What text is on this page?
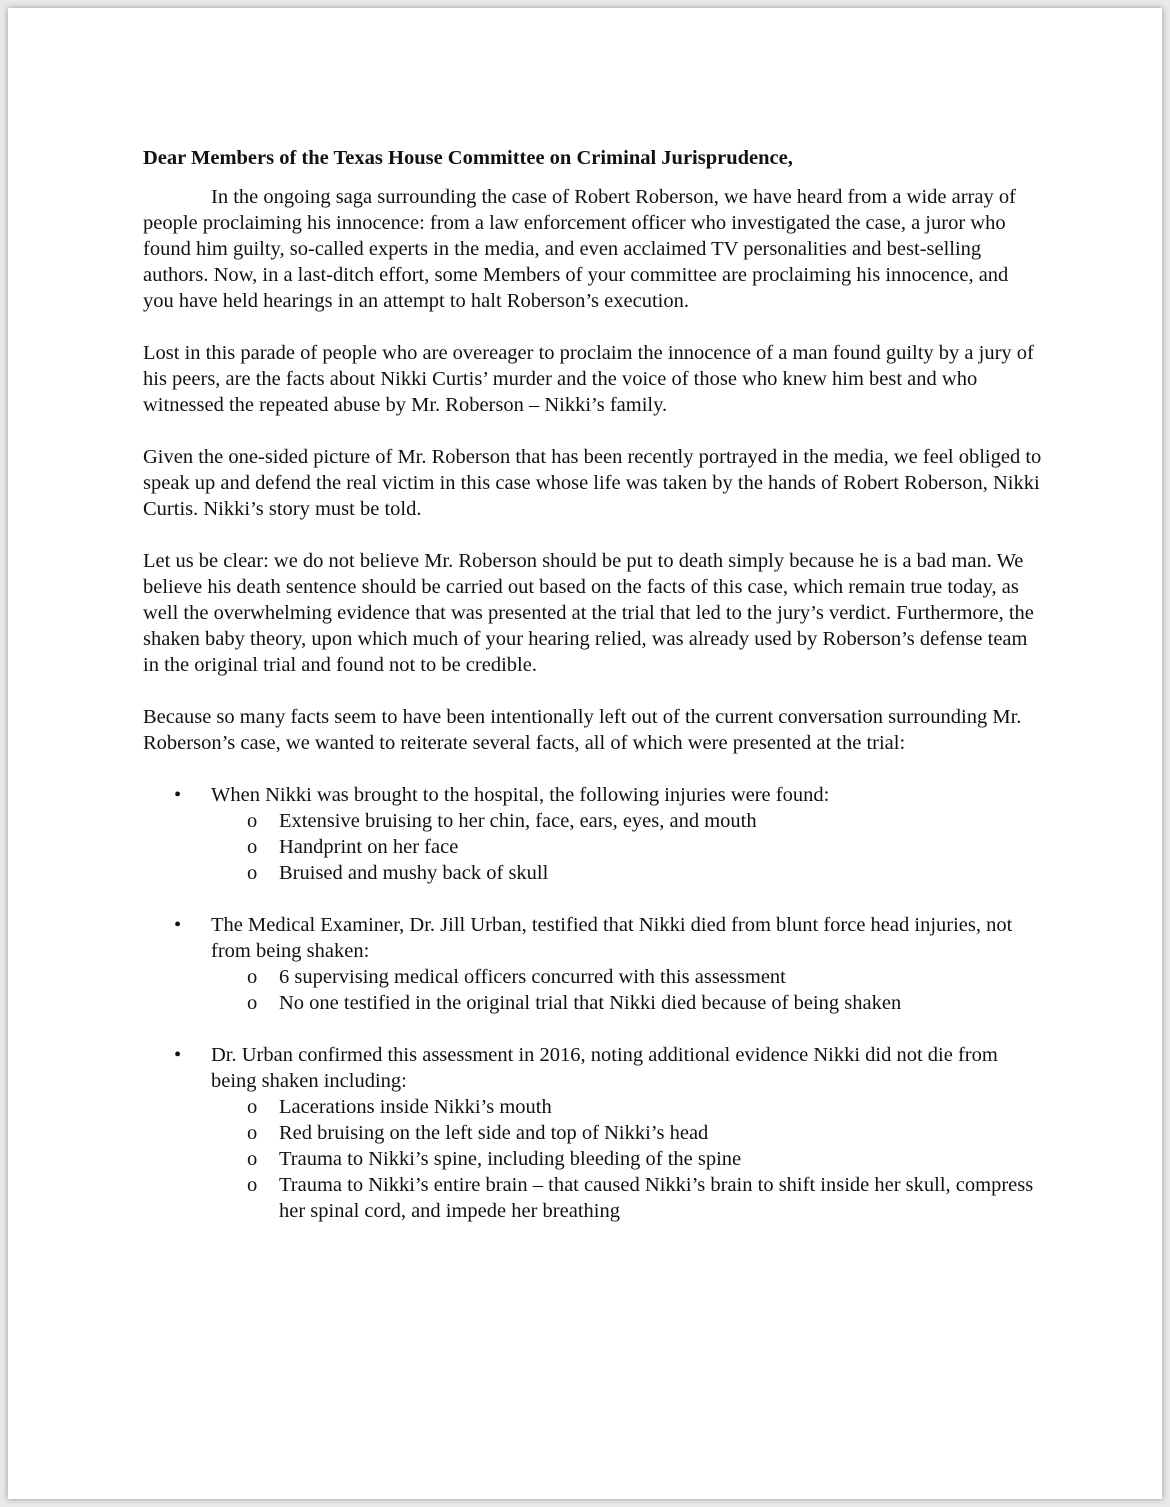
Dear Members of the Texas House Committee on Criminal Jurisprudence,

In the ongoing saga surrounding the case of Robert Roberson, we have heard from a wide array of people proclaiming his innocence: from a law enforcement officer who investigated the case, a juror who found him guilty, so-called experts in the media, and even acclaimed TV personalities and best-selling authors. Now, in a last-ditch effort, some Members of your committee are proclaiming his innocence, and you have held hearings in an attempt to halt Roberson’s execution.

Lost in this parade of people who are overeager to proclaim the innocence of a man found guilty by a jury of his peers, are the facts about Nikki Curtis’ murder and the voice of those who knew him best and who witnessed the repeated abuse by Mr. Roberson – Nikki’s family.

Given the one-sided picture of Mr. Roberson that has been recently portrayed in the media, we feel obliged to speak up and defend the real victim in this case whose life was taken by the hands of Robert Roberson, Nikki Curtis. Nikki’s story must be told.

Let us be clear: we do not believe Mr. Roberson should be put to death simply because he is a bad man. We believe his death sentence should be carried out based on the facts of this case, which remain true today, as well the overwhelming evidence that was presented at the trial that led to the jury’s verdict. Furthermore, the shaken baby theory, upon which much of your hearing relied, was already used by Roberson’s defense team in the original trial and found not to be credible.

Because so many facts seem to have been intentionally left out of the current conversation surrounding Mr. Roberson’s case, we wanted to reiterate several facts, all of which were presented at the trial:

• When Nikki was brought to the hospital, the following injuries were found:
o Extensive bruising to her chin, face, ears, eyes, and mouth
o Handprint on her face
o Bruised and mushy back of skull
• The Medical Examiner, Dr. Jill Urban, testified that Nikki died from blunt force head injuries, not from being shaken:
o 6 supervising medical officers concurred with this assessment
o No one testified in the original trial that Nikki died because of being shaken
• Dr. Urban confirmed this assessment in 2016, noting additional evidence Nikki did not die from being shaken including:
o Lacerations inside Nikki’s mouth
o Red bruising on the left side and top of Nikki’s head
o Trauma to Nikki’s spine, including bleeding of the spine
o Trauma to Nikki’s entire brain – that caused Nikki’s brain to shift inside her skull, compress her spinal cord, and impede her breathing
